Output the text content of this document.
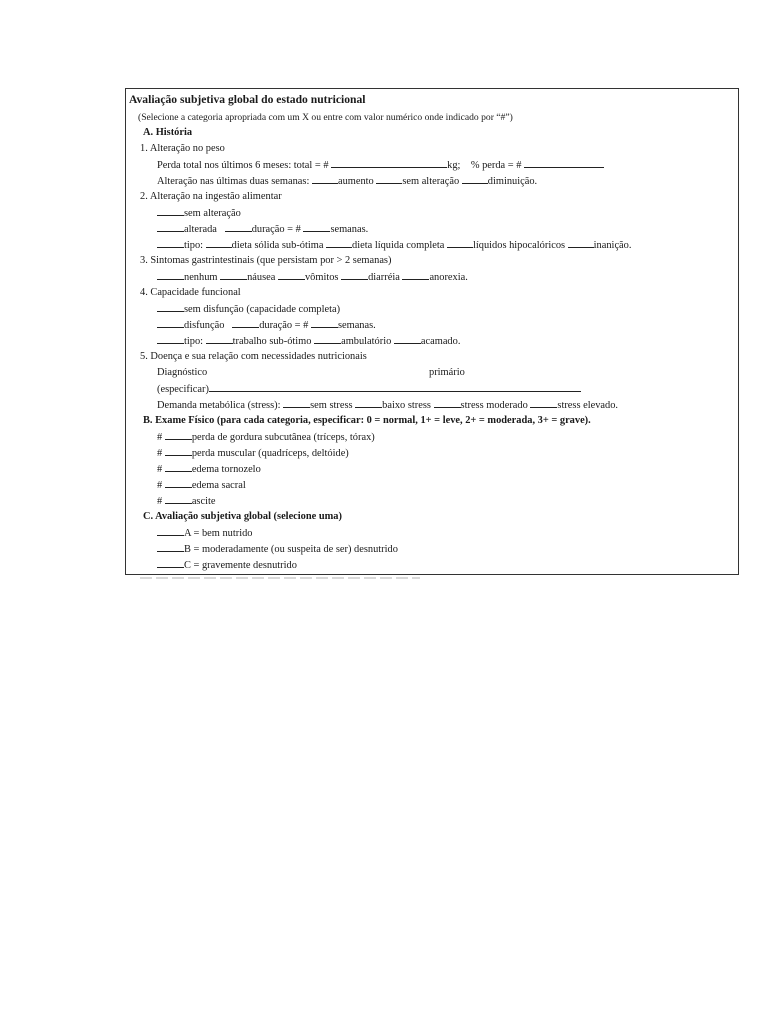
Avaliação subjetiva global do estado nutricional
(Selecione a categoria apropriada com um X ou entre com valor numérico onde indicado por “#”)
A. História
1. Alteração no peso
Perda total nos últimos 6 meses: total = #	kg; % perda = #
Alteração nas últimas duas semanas:	aumento	sem alteração	diminuição.
2. Alteração na ingestão alimentar
sem alteração
alterada	duração = #	semanas.
tipo:	dieta sólida sub-ótima	dieta líquida completa	líquidos hipocalóricos	inanição.
3. Sintomas gastrintestinais (que persistam por > 2 semanas)
nenhum	náusea	vômitos	diarréia	anorexia.
4. Capacidade funcional
sem disfunção (capacidade completa)
disfunção	duração = #	semanas.
tipo:	trabalho sub-ótimo	ambulatório	acamado.
5. Doença e sua relação com necessidades nutricionais
Diagnóstico	primário
(especificar)
Demanda metabólica (stress):	sem stress	baixo stress	stress moderado	stress elevado.
B. Exame Físico (para cada categoria, especificar: 0 = normal, 1+ = leve, 2+ = moderada, 3+ = grave).
#	perda de gordura subcutânea (tríceps, tórax)
#	perda muscular (quadríceps, deltóide)
#	edema tornozelo
#	edema sacral
#	ascite
C. Avaliação subjetiva global (selecione uma)
A = bem nutrido
B = moderadamente (ou suspeita de ser) desnutrido
C = gravemente desnutrido
